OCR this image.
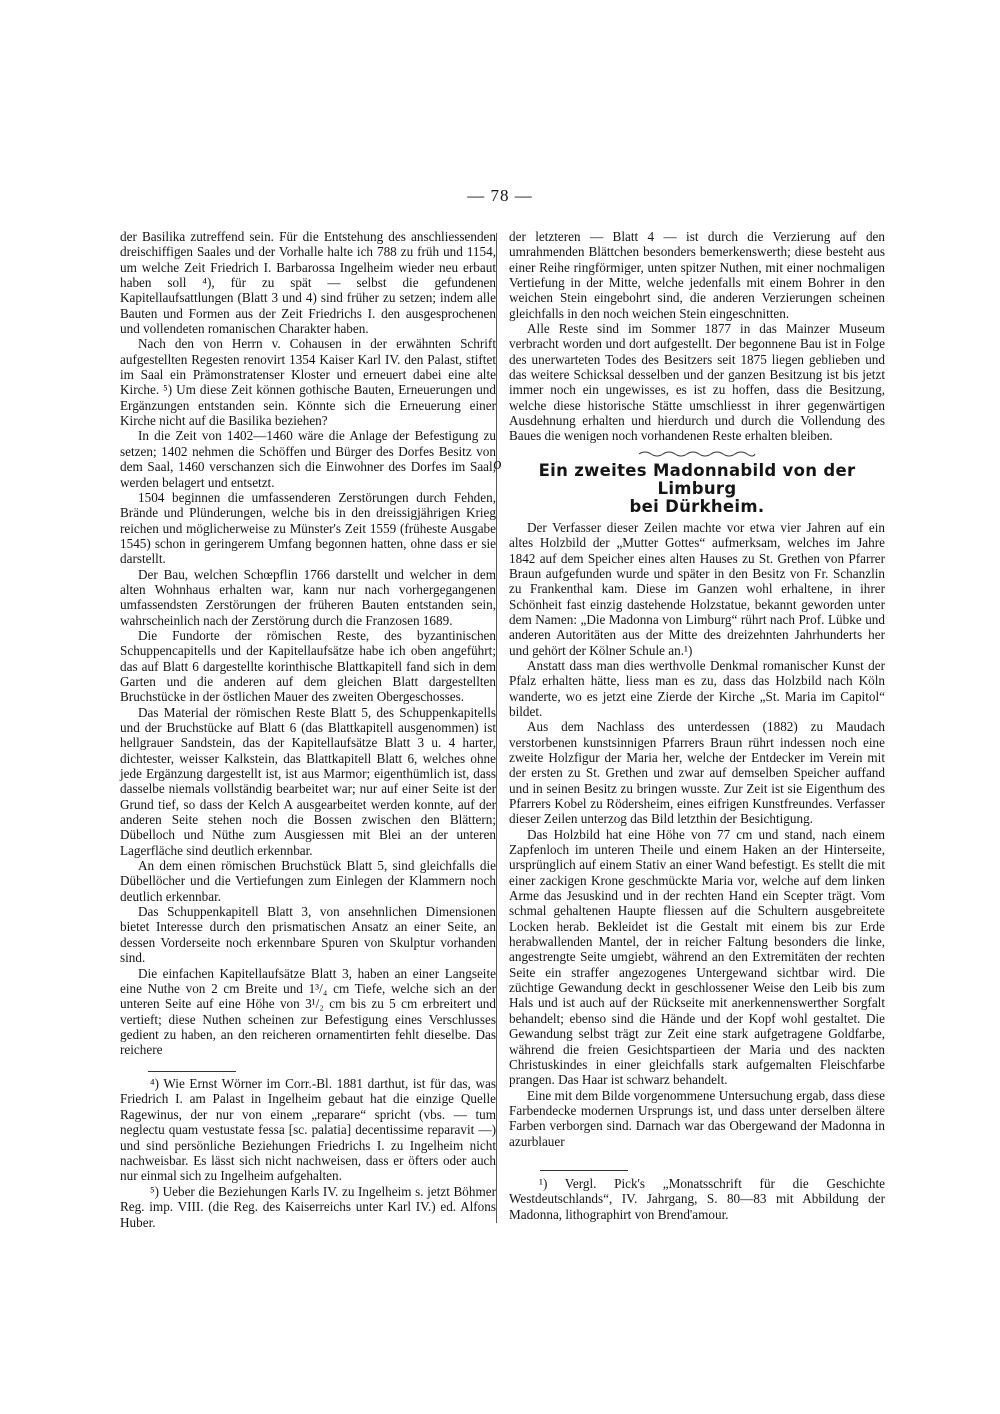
— 78 —

der Basilika zutreffend sein. Für die Entstehung des anschliessenden dreischiffigen Saales und der Vorhalle halte ich 788 zu früh und 1154, um welche Zeit Friedrich I. Barbarossa Ingelheim wieder neu erbaut haben soll ⁴), für zu spät — selbst die gefundenen Kapitellaufsattlungen (Blatt 3 und 4) sind früher zu setzen; indem alle Bauten und Formen aus der Zeit Friedrichs I. den ausgesprochenen und vollendeten romanischen Charakter haben.

Nach den von Herrn v. Cohausen in der erwähnten Schrift aufgestellten Regesten renovirt 1354 Kaiser Karl IV. den Palast, stiftet im Saal ein Prämonstratenser Kloster und erneuert dabei eine alte Kirche. ⁵) Um diese Zeit können gothische Bauten, Erneuerungen und Ergänzungen entstanden sein. Könnte sich die Erneuerung einer Kirche nicht auf die Basilika beziehen?

In die Zeit von 1402—1460 wäre die Anlage der Befestigung zu setzen; 1402 nehmen die Schöffen und Bürger des Dorfes Besitz von dem Saal, 1460 verschanzen sich die Einwohner des Dorfes im Saal, werden belagert und entsetzt.

1504 beginnen die umfassenderen Zerstörungen durch Fehden, Brände und Plünderungen, welche bis in den dreissigjährigen Krieg reichen und möglicherweise zu Münster's Zeit 1559 (früheste Ausgabe 1545) schon in geringerem Umfang begonnen hatten, ohne dass er sie darstellt.

Der Bau, welchen Schœpflin 1766 darstellt und welcher in dem alten Wohnhaus erhalten war, kann nur nach vorhergegangenen umfassendsten Zerstörungen der früheren Bauten entstanden sein, wahrscheinlich nach der Zerstörung durch die Franzosen 1689.

Die Fundorte der römischen Reste, des byzantinischen Schuppencapitells und der Kapitellaufsätze habe ich oben angeführt; das auf Blatt 6 dargestellte korinthische Blattkapitell fand sich in dem Garten und die anderen auf dem gleichen Blatt dargestellten Bruchstücke in der östlichen Mauer des zweiten Obergeschosses.

Das Material der römischen Reste Blatt 5, des Schuppenkapitells und der Bruchstücke auf Blatt 6 (das Blattkapitell ausgenommen) ist hellgrauer Sandstein, das der Kapitellaufsätze Blatt 3 u. 4 harter, dichtester, weisser Kalkstein, das Blattkapitell Blatt 6, welches ohne jede Ergänzung dargestellt ist, ist aus Marmor; eigenthümlich ist, dass dasselbe niemals vollständig bearbeitet war; nur auf einer Seite ist der Grund tief, so dass der Kelch A ausgearbeitet werden konnte, auf der anderen Seite stehen noch die Bossen zwischen den Blättern; Dübelloch und Nüthe zum Ausgiessen mit Blei an der unteren Lagerfläche sind deutlich erkennbar.

An dem einen römischen Bruchstück Blatt 5, sind gleichfalls die Dübellöcher und die Vertiefungen zum Einlegen der Klammern noch deutlich erkennbar.

Das Schuppenkapitell Blatt 3, von ansehnlichen Dimensionen bietet Interesse durch den prismatischen Ansatz an einer Seite, an dessen Vorderseite noch erkennbare Spuren von Skulptur vorhanden sind.

Die einfachen Kapitellaufsätze Blatt 3, haben an einer Langseite eine Nuthe von 2 cm Breite und 1³/₄ cm Tiefe, welche sich an der unteren Seite auf eine Höhe von 3¹/₂ cm bis zu 5 cm erbreitert und vertieft; diese Nuthen scheinen zur Befestigung eines Verschlusses gedient zu haben, an den reicheren ornamentirten fehlt dieselbe. Das reichere

⁴) Wie Ernst Wörner im Corr.-Bl. 1881 darthut, ist für das, was Friedrich I. am Palast in Ingelheim gebaut hat die einzige Quelle Ragewinus, der nur von einem „reparare“ spricht (vbs. — tum neglectu quam vestustate fessa [sc. palatia] decentissime reparavit —) und sind persönliche Beziehungen Friedrichs I. zu Ingelheim nicht nachweisbar. Es lässt sich nicht nachweisen, dass er öfters oder auch nur einmal sich zu Ingelheim aufgehalten.

⁵) Ueber die Beziehungen Karls IV. zu Ingelheim s. jetzt Böhmer Reg. imp. VIII. (die Reg. des Kaiserreichs unter Karl IV.) ed. Alfons Huber.

der letzteren — Blatt 4 — ist durch die Verzierung auf den umrahmenden Blättchen besonders bemerkenswerth; diese besteht aus einer Reihe ringförmiger, unten spitzer Nuthen, mit einer nochmaligen Vertiefung in der Mitte, welche jedenfalls mit einem Bohrer in den weichen Stein eingebohrt sind, die anderen Verzierungen scheinen gleichfalls in den noch weichen Stein eingeschnitten.

Alle Reste sind im Sommer 1877 in das Mainzer Museum verbracht worden und dort aufgestellt. Der begonnene Bau ist in Folge des unerwarteten Todes des Besitzers seit 1875 liegen geblieben und das weitere Schicksal desselben und der ganzen Besitzung ist bis jetzt immer noch ein ungewisses, es ist zu hoffen, dass die Besitzung, welche diese historische Stätte umschliesst in ihrer gegenwärtigen Ausdehnung erhalten und hierdurch und durch die Vollendung des Baues die wenigen noch vorhandenen Reste erhalten bleiben.

Ein zweites Madonnabild von der Limburg
bei Dürkheim.

Der Verfasser dieser Zeilen machte vor etwa vier Jahren auf ein altes Holzbild der „Mutter Gottes“ aufmerksam, welches im Jahre 1842 auf dem Speicher eines alten Hauses zu St. Grethen von Pfarrer Braun aufgefunden wurde und später in den Besitz von Fr. Schanzlin zu Frankenthal kam. Diese im Ganzen wohl erhaltene, in ihrer Schönheit fast einzig dastehende Holzstatue, bekannt geworden unter dem Namen: „Die Madonna von Limburg“ rührt nach Prof. Lübke und anderen Autoritäten aus der Mitte des dreizehnten Jahrhunderts her und gehört der Kölner Schule an.¹)

Anstatt dass man dies werthvolle Denkmal romanischer Kunst der Pfalz erhalten hätte, liess man es zu, dass das Holzbild nach Köln wanderte, wo es jetzt eine Zierde der Kirche „St. Maria im Capitol“ bildet.

Aus dem Nachlass des unterdessen (1882) zu Maudach verstorbenen kunstsinnigen Pfarrers Braun rührt indessen noch eine zweite Holzfigur der Maria her, welche der Entdecker im Verein mit der ersten zu St. Grethen und zwar auf demselben Speicher auffand und in seinen Besitz zu bringen wusste. Zur Zeit ist sie Eigenthum des Pfarrers Kobel zu Rödersheim, eines eifrigen Kunstfreundes. Verfasser dieser Zeilen unterzog das Bild letzthin der Besichtigung.

Das Holzbild hat eine Höhe von 77 cm und stand, nach einem Zapfenloch im unteren Theile und einem Haken an der Hinterseite, ursprünglich auf einem Stativ an einer Wand befestigt. Es stellt die mit einer zackigen Krone geschmückte Maria vor, welche auf dem linken Arme das Jesuskind und in der rechten Hand ein Scepter trägt. Vom schmal gehaltenen Haupte fliessen auf die Schultern ausgebreitete Locken herab. Bekleidet ist die Gestalt mit einem bis zur Erde herabwallenden Mantel, der in reicher Faltung besonders die linke, angestrengte Seite umgiebt, während an den Extremitäten der rechten Seite ein straffer angezogenes Untergewand sichtbar wird. Die züchtige Gewandung deckt in geschlossener Weise den Leib bis zum Hals und ist auch auf der Rückseite mit anerkennenswerther Sorgfalt behandelt; ebenso sind die Hände und der Kopf wohl gestaltet. Die Gewandung selbst trägt zur Zeit eine stark aufgetragene Goldfarbe, während die freien Gesichtspartieen der Maria und des nackten Christuskindes in einer gleichfalls stark aufgemalten Fleischfarbe prangen. Das Haar ist schwarz behandelt.

Eine mit dem Bilde vorgenommene Untersuchung ergab, dass diese Farbendecke modernen Ursprungs ist, und dass unter derselben ältere Farben verborgen sind. Darnach war das Obergewand der Madonna in azurblauer

¹) Vergl. Pick's „Monatsschrift für die Geschichte Westdeutschlands“, IV. Jahrgang, S. 80—83 mit Abbildung der Madonna, lithographirt von Brend'amour.

o
